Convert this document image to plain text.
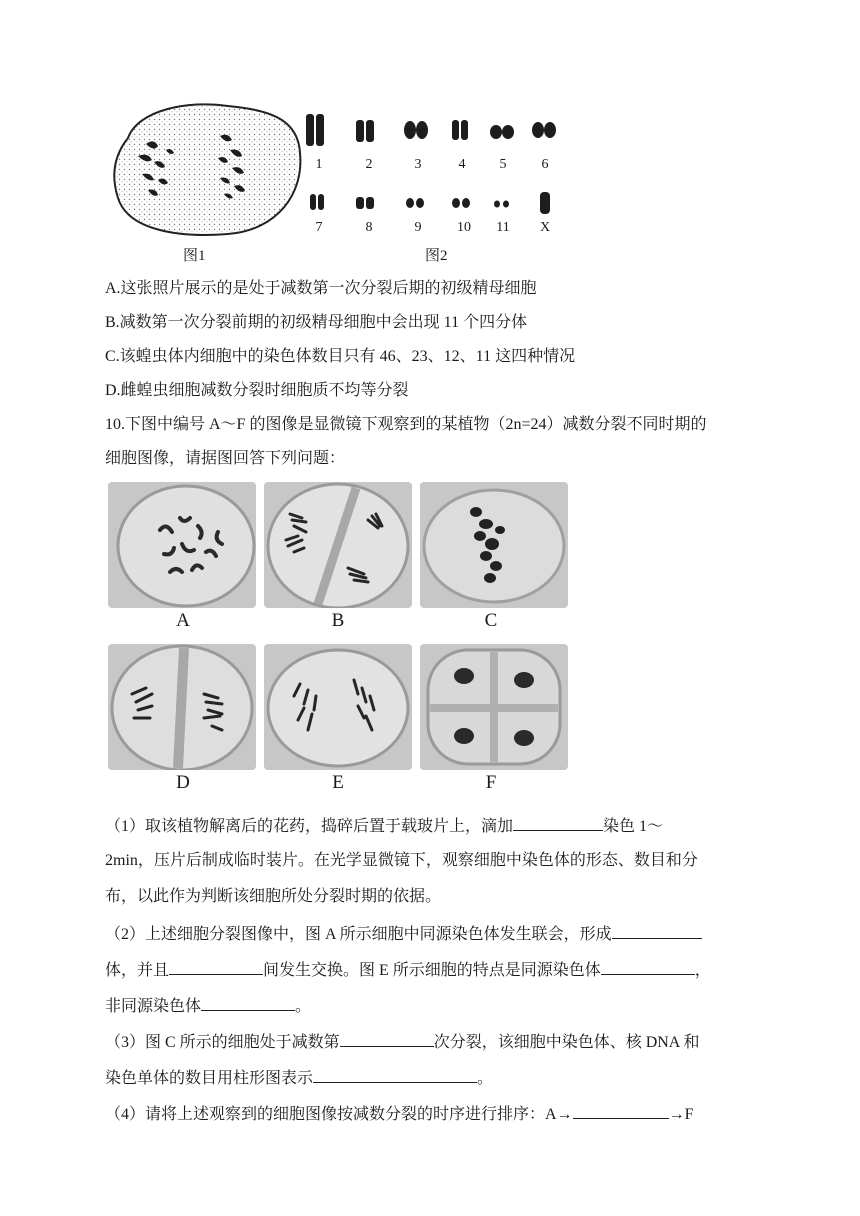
图1
1	2	3	4	5	6
7	8	9	10	11	X
图2
A.这张照片展示的是处于减数第一次分裂后期的初级精母细胞
B.减数第一次分裂前期的初级精母细胞中会出现 11 个四分体
C.该蝗虫体内细胞中的染色体数目只有 46、23、12、11 这四种情况
D.雌蝗虫细胞减数分裂时细胞质不均等分裂
10.下图中编号 A～F 的图像是显微镜下观察到的某植物（2n=24）减数分裂不同时期的
细胞图像，请据图回答下列问题：
A	B	C
D	E	F
（1）取该植物解离后的花药，捣碎后置于载玻片上，滴加	染色 1～
2min，压片后制成临时装片。在光学显微镜下，观察细胞中染色体的形态、数目和分
布，以此作为判断该细胞所处分裂时期的依据。
（2）上述细胞分裂图像中，图 A 所示细胞中同源染色体发生联会，形成
体，并且	间发生交换。图 E 所示细胞的特点是同源染色体	，
非同源染色体	。
（3）图 C 所示的细胞处于减数第	次分裂，该细胞中染色体、核 DNA 和
染色单体的数目用柱形图表示	。
（4）请将上述观察到的细胞图像按减数分裂的时序进行排序：A→	→F
